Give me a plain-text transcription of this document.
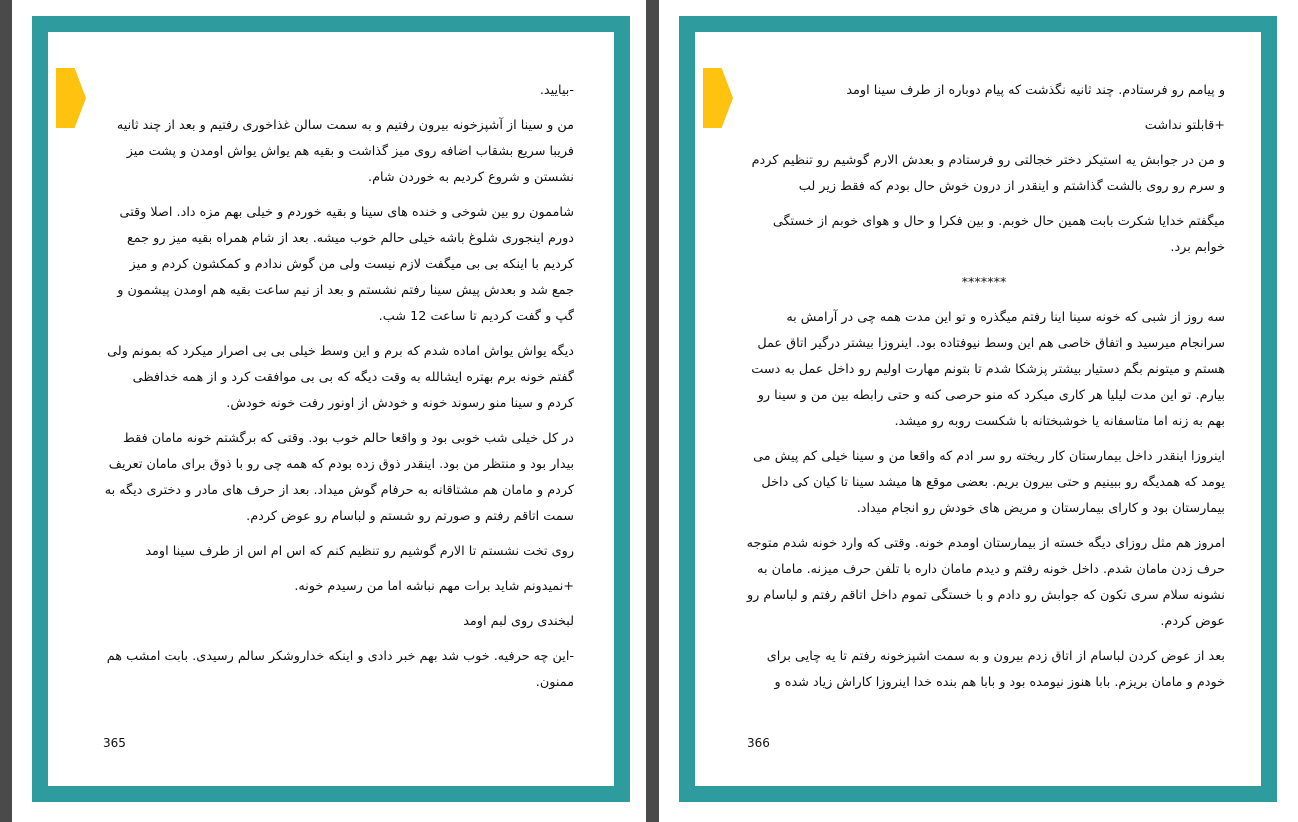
-بیایید.

من و سینا از آشپزخونه بیرون رفتیم و به سمت سالن غذاخوری رفتیم و بعد از چند ثانیه فریبا سریع بشقاب اضافه روی میز گذاشت و بقیه هم یواش یواش اومدن و پشت میز نشستن و شروع کردیم به خوردن شام.

شاممون رو بین شوخی و خنده های سینا و بقیه خوردم و خیلی بهم مزه داد. اصلا وقتی دورم اینجوری شلوغ باشه خیلی حالم خوب میشه. بعد از شام همراه بقیه میز رو جمع کردیم با اینکه بی بی میگفت لازم نیست ولی من گوش ندادم و کمکشون کردم و میز جمع شد و بعدش پیش سینا رفتم نشستم و بعد از نیم ساعت بقیه هم اومدن پیشمون و گپ و گفت کردیم تا ساعت 12 شب.

دیگه یواش یواش اماده شدم که برم و این وسط خیلی بی بی اصرار میکرد که بمونم ولی گفتم خونه برم بهتره ایشالله به وقت دیگه که بی بی موافقت کرد و از همه خدافظی کردم و سینا منو رسوند خونه و خودش از اونور رفت خونه خودش.

در کل خیلی شب خوبی بود و واقعا حالم خوب بود. وقتی که برگشتم خونه مامان فقط بیدار بود و منتظر من بود. اینقدر ذوق زده بودم که همه چی رو با ذوق برای مامان تعریف کردم و مامان هم مشتاقانه به حرفام گوش میداد. بعد از حرف های مادر و دختری دیگه به سمت اتاقم رفتم و صورتم رو شستم و لباسام رو عوض کردم.

روی تخت نشستم تا الارم گوشیم رو تنظیم کنم که اس ام اس از طرف سینا اومد

+نمیدونم شاید برات مهم نباشه اما من رسیدم خونه.

لبخندی روی لبم اومد

-این چه حرفیه. خوب شد بهم خبر دادی و اینکه خداروشکر سالم رسیدی. بابت امشب هم ممنون.

365

و پیامم رو فرستادم. چند ثانیه نگذشت که پیام دوباره از طرف سینا اومد

+قابلتو نداشت

و من در جوابش یه استیکر دختر خجالتی رو فرستادم و بعدش الارم گوشیم رو تنظیم کردم و سرم رو روی بالشت گذاشتم و اینقدر از درون خوش حال بودم که فقط زیر لب

میگفتم خدایا شکرت بابت همین حال خوبم. و بین فکرا و حال و هوای خوبم از خستگی خوابم برد.

*******

سه روز از شبی که خونه سینا اینا رفتم میگذره و تو این مدت همه چی در آرامش به سرانجام میرسید و اتفاق خاصی هم این وسط نیوفتاده بود. اینروزا بیشتر درگیر اتاق عمل هستم و میتونم بگم دستیار بیشتر پزشکا شدم تا بتونم مهارت اولیم رو داخل عمل به دست بیارم. تو این مدت لیلیا هر کاری میکرد که منو حرصی کنه و حتی رابطه بین من و سینا رو بهم به زنه اما متاسفانه یا خوشبختانه با شکست روبه رو میشد.

اینروزا اینقدر داخل بیمارستان کار ریخته رو سر ادم که واقعا من و سینا خیلی کم پیش می یومد که همدیگه رو ببینیم و حتی بیرون بریم. بعضی موقع ها میشد سینا تا کیان کی داخل بیمارستان بود و کارای بیمارستان و مریض های خودش رو انجام میداد.

امروز هم مثل روزای دیگه خسته از بیمارستان اومدم خونه. وقتی که وارد خونه شدم متوجه حرف زدن مامان شدم. داخل خونه رفتم و دیدم مامان داره با تلفن حرف میزنه. مامان به نشونه سلام سری تکون که جوابش رو دادم و با خستگی تموم داخل اتاقم رفتم و لباسام رو عوض کردم.

بعد از عوض کردن لباسام از اتاق زدم بیرون و به سمت اشپزخونه رفتم تا یه چایی برای خودم و مامان بریزم. بابا هنوز نیومده بود و بابا هم بنده خدا اینروزا کاراش زیاد شده و

366
